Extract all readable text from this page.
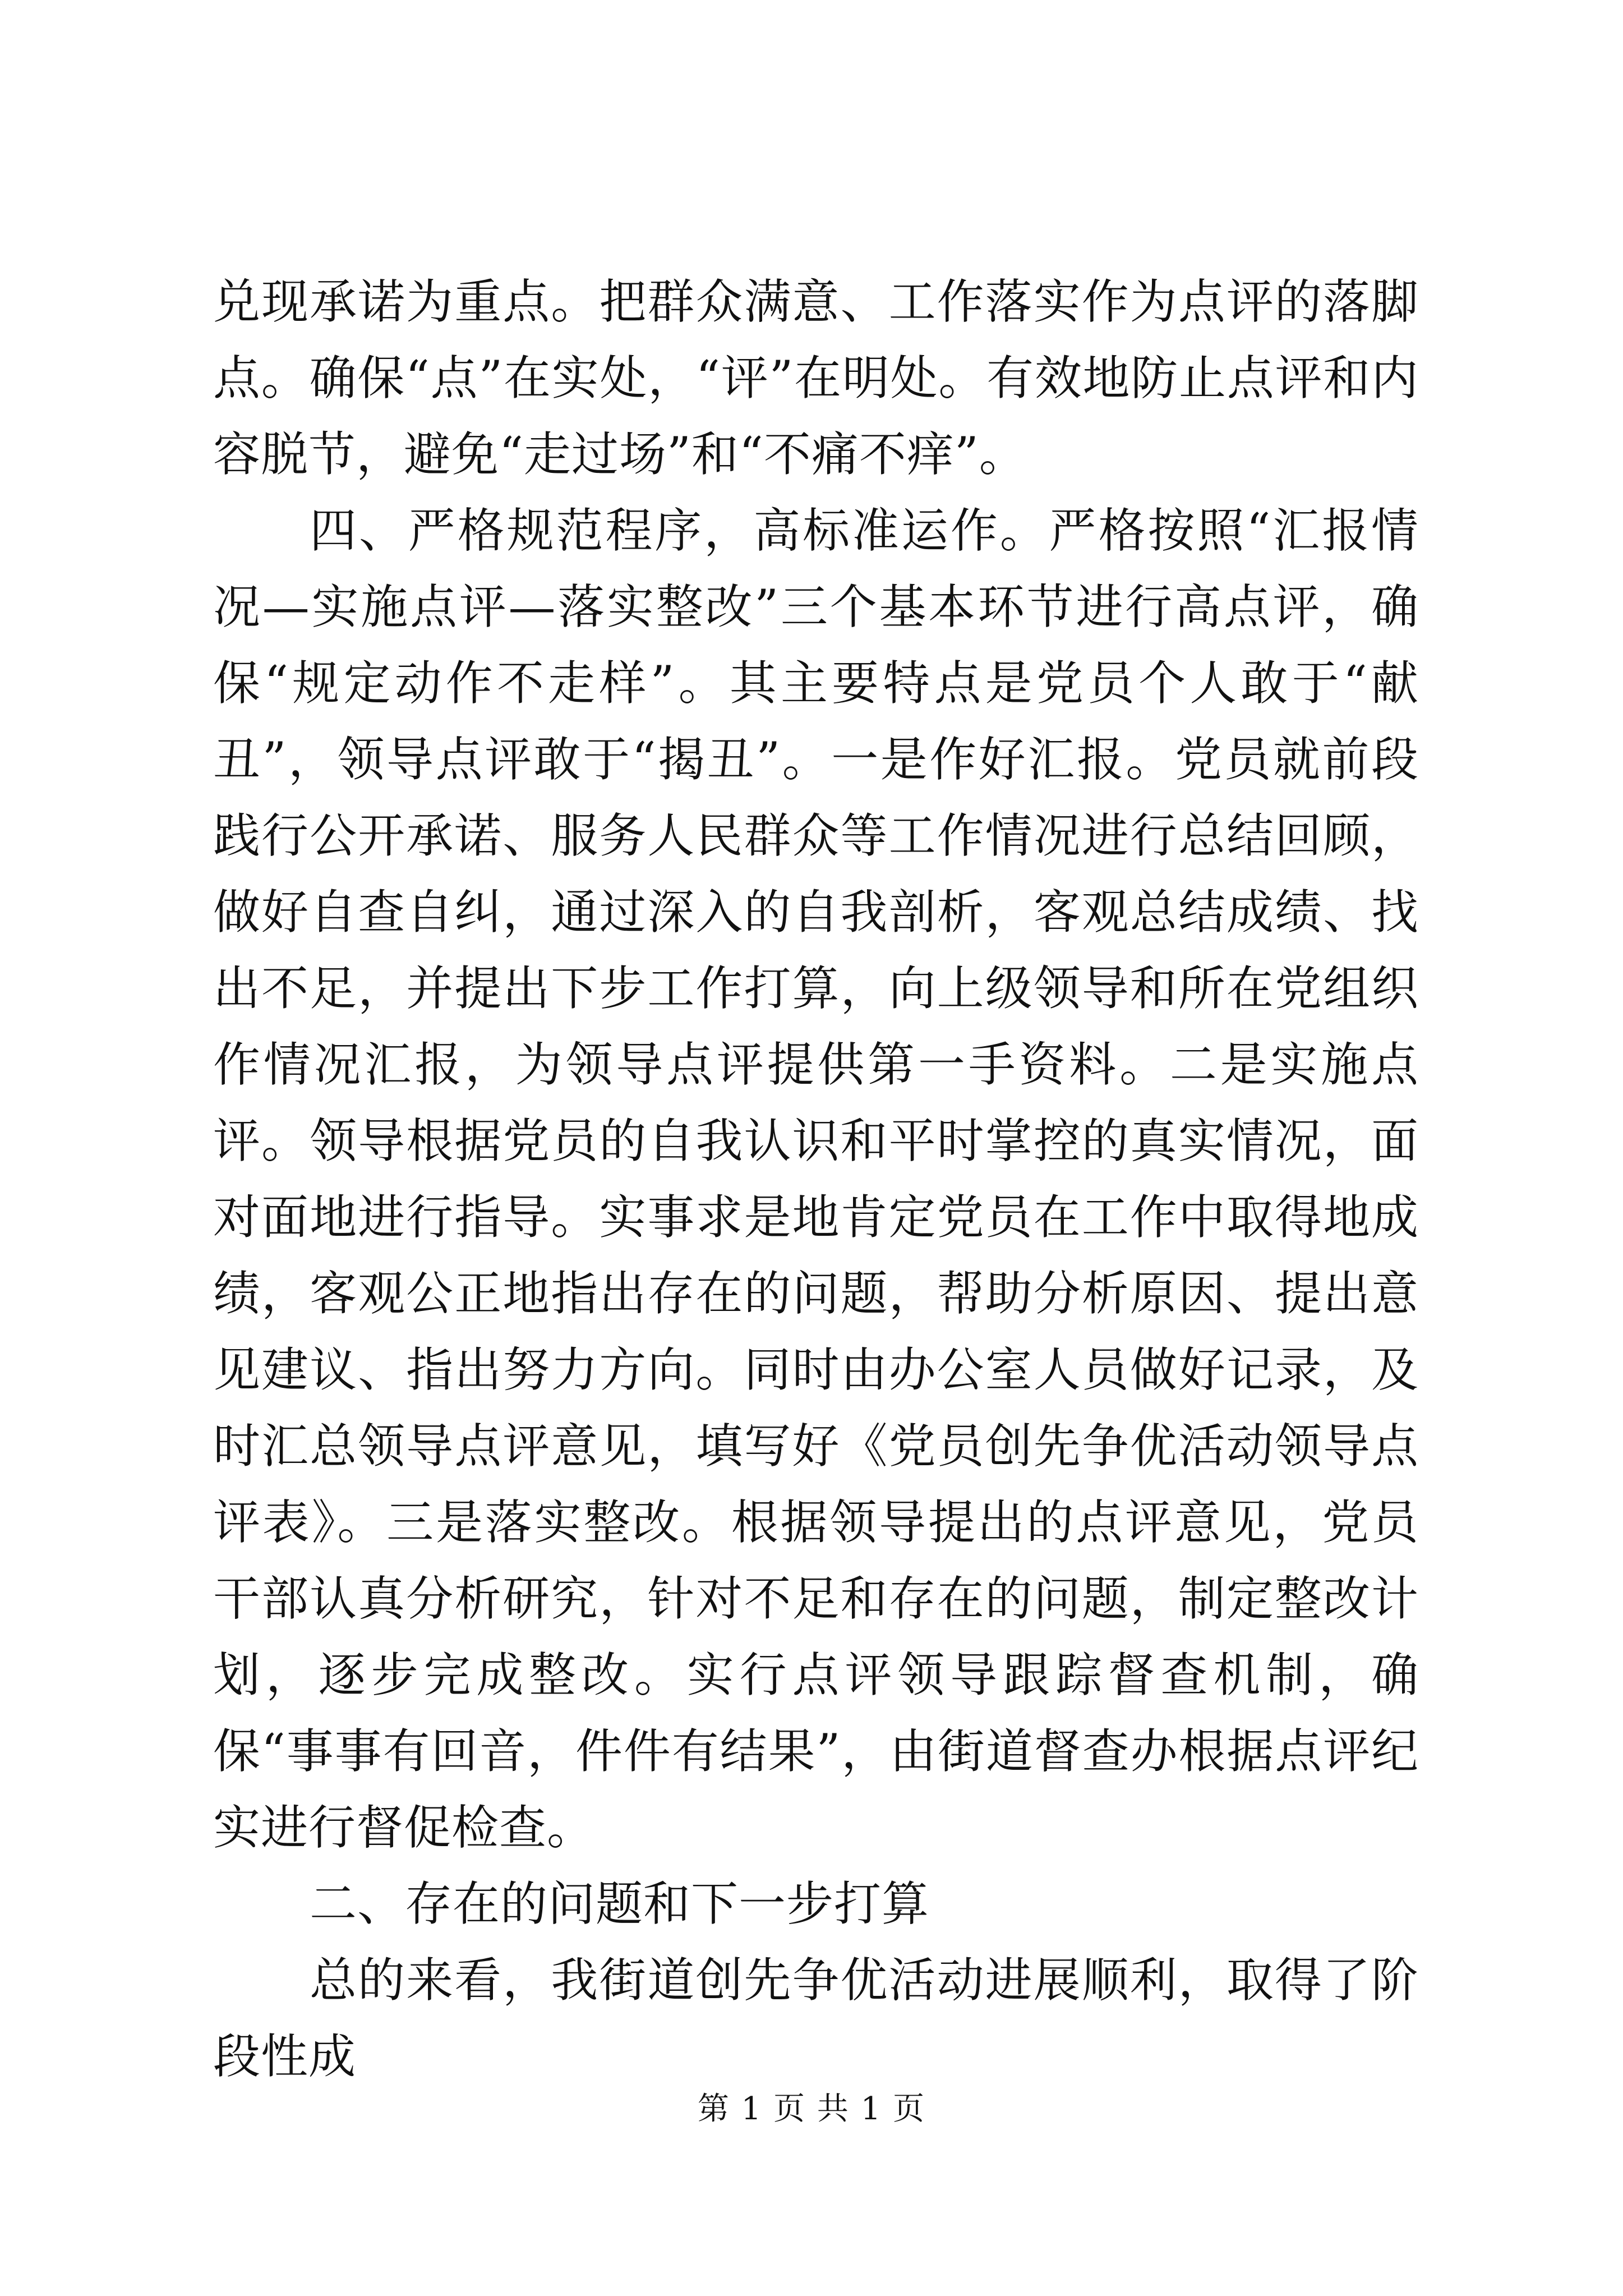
兑现承诺为重点。把群众满意、工作落实作为点评的落脚点。确保“点”在实处，“评”在明处。有效地防止点评和内容脱节，避免“走过场”和“不痛不痒”。

四、严格规范程序，高标准运作。严格按照“汇报情况—实施点评—落实整改”三个基本环节进行高点评，确保“规定动作不走样”。其主要特点是党员个人敢于“献丑”，领导点评敢于“揭丑”。一是作好汇报。党员就前段践行公开承诺、服务人民群众等工作情况进行总结回顾，做好自查自纠，通过深入的自我剖析，客观总结成绩、找出不足，并提出下步工作打算，向上级领导和所在党组织作情况汇报，为领导点评提供第一手资料。二是实施点评。领导根据党员的自我认识和平时掌控的真实情况，面对面地进行指导。实事求是地肯定党员在工作中取得地成绩，客观公正地指出存在的问题，帮助分析原因、提出意见建议、指出努力方向。同时由办公室人员做好记录，及时汇总领导点评意见，填写好《党员创先争优活动领导点评表》。三是落实整改。根据领导提出的点评意见，党员干部认真分析研究，针对不足和存在的问题，制定整改计划，逐步完成整改。实行点评领导跟踪督查机制，确保“事事有回音，件件有结果”，由街道督查办根据点评纪实进行督促检查。

二、存在的问题和下一步打算

总的来看，我街道创先争优活动进展顺利，取得了阶段性成

第 1 页 共 1 页
